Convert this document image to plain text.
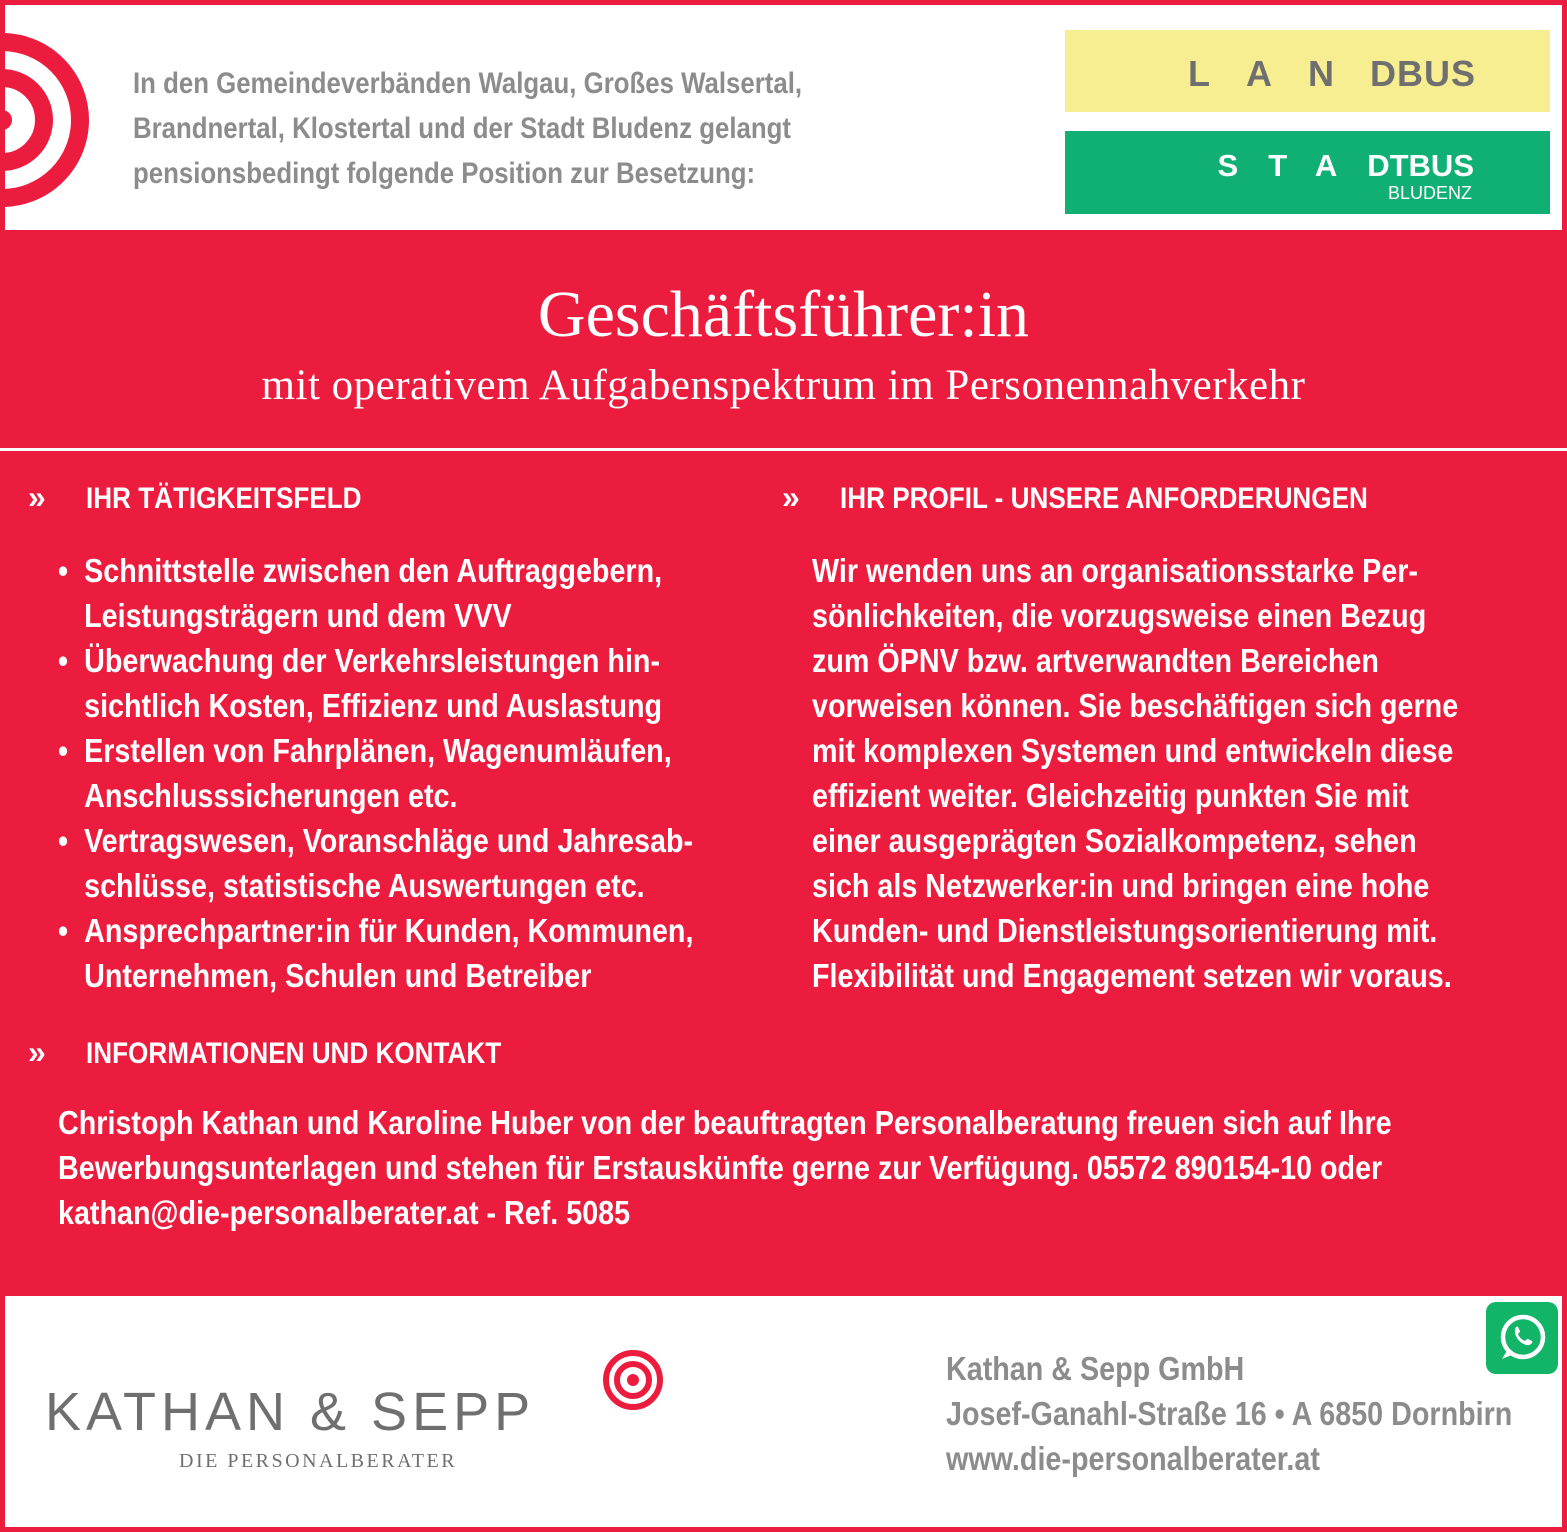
In den Gemeindeverbänden Walgau, Großes Walsertal,
Brandnertal, Klostertal und der Stadt Bludenz gelangt
pensionsbedingt folgende Position zur Besetzung:
LANDBUS
STADTBUS
BLUDENZ
Geschäftsführer:in
mit operativem Aufgabenspektrum im Personennahverkehr
» IHR TÄTIGKEITSFELD
• Schnittstelle zwischen den Auftraggebern,
Leistungsträgern und dem VVV
• Überwachung der Verkehrsleistungen hin-
sichtlich Kosten, Effizienz und Auslastung
• Erstellen von Fahrplänen, Wagenumläufen,
Anschlusssicherungen etc.
• Vertragswesen, Voranschläge und Jahresab-
schlüsse, statistische Auswertungen etc.
• Ansprechpartner:in für Kunden, Kommunen,
Unternehmen, Schulen und Betreiber
» IHR PROFIL - UNSERE ANFORDERUNGEN
Wir wenden uns an organisationsstarke Per-
sönlichkeiten, die vorzugsweise einen Bezug
zum ÖPNV bzw. artverwandten Bereichen
vorweisen können. Sie beschäftigen sich gerne
mit komplexen Systemen und entwickeln diese
effizient weiter. Gleichzeitig punkten Sie mit
einer ausgeprägten Sozialkompetenz, sehen
sich als Netzwerker:in und bringen eine hohe
Kunden- und Dienstleistungsorientierung mit.
Flexibilität und Engagement setzen wir voraus.
» INFORMATIONEN UND KONTAKT
Christoph Kathan und Karoline Huber von der beauftragten Personalberatung freuen sich auf Ihre
Bewerbungsunterlagen und stehen für Erstauskünfte gerne zur Verfügung. 05572 890154-10 oder
kathan@die-personalberater.at - Ref. 5085
KATHAN & SEPP
DIE PERSONALBERATER
Kathan & Sepp GmbH
Josef-Ganahl-Straße 16 • A 6850 Dornbirn
www.die-personalberater.at
